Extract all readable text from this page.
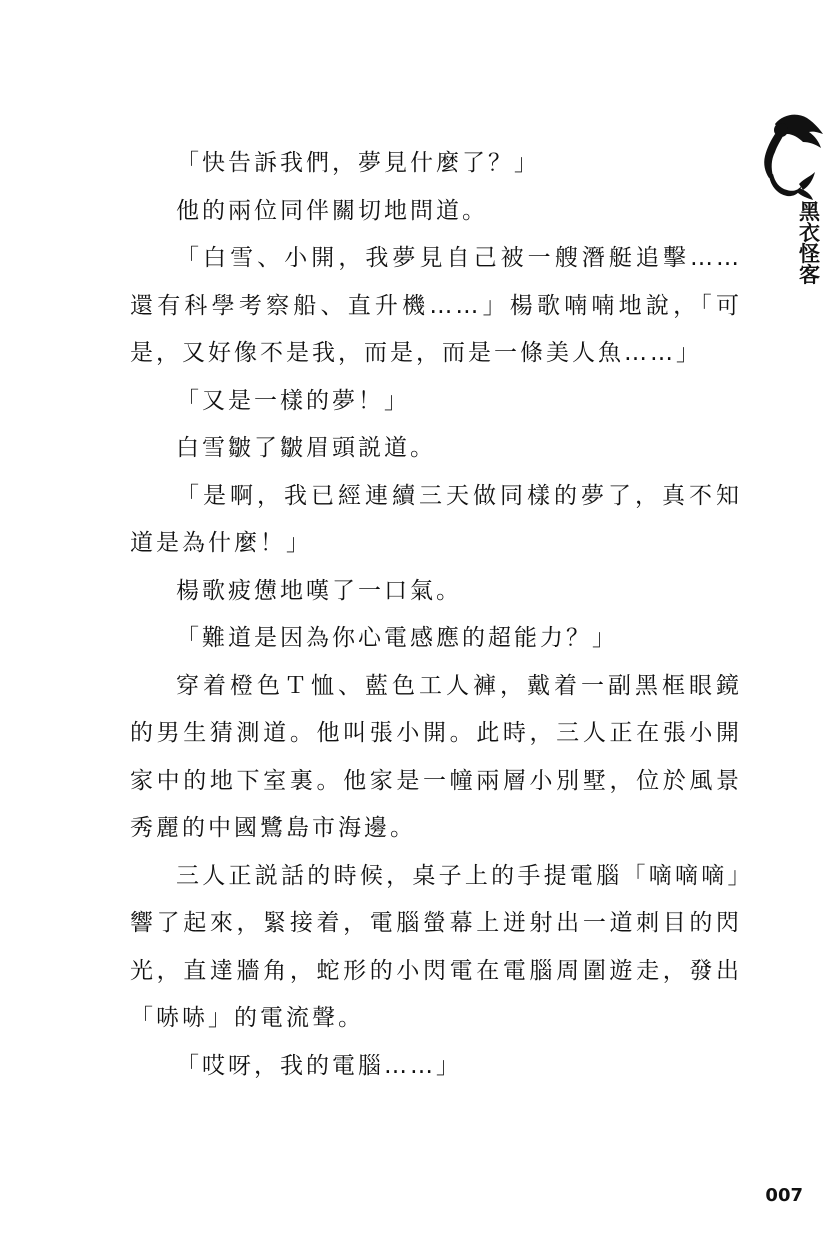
黑衣怪客

「快告訴我們，夢見什麼了？」

他的兩位同伴關切地問道。

「白雪、小開，我夢見自己被一艘潛艇追擊……還有科學考察船、直升機……」楊歌喃喃地說，「可是，又好像不是我，而是，而是一條美人魚……」

「又是一樣的夢！」

白雪皺了皺眉頭説道。

「是啊，我已經連續三天做同樣的夢了，真不知道是為什麼！」

楊歌疲憊地嘆了一口氣。

「難道是因為你心電感應的超能力？」

穿着橙色Ｔ恤、藍色工人褲，戴着一副黑框眼鏡的男生猜測道。他叫張小開。此時，三人正在張小開家中的地下室裏。他家是一幢兩層小別墅，位於風景秀麗的中國鷺島市海邊。

三人正説話的時候，桌子上的手提電腦「嘀嘀嘀」響了起來，緊接着，電腦螢幕上迸射出一道刺目的閃光，直達牆角，蛇形的小閃電在電腦周圍遊走，發出「哧哧」的電流聲。

「哎呀，我的電腦……」

007
